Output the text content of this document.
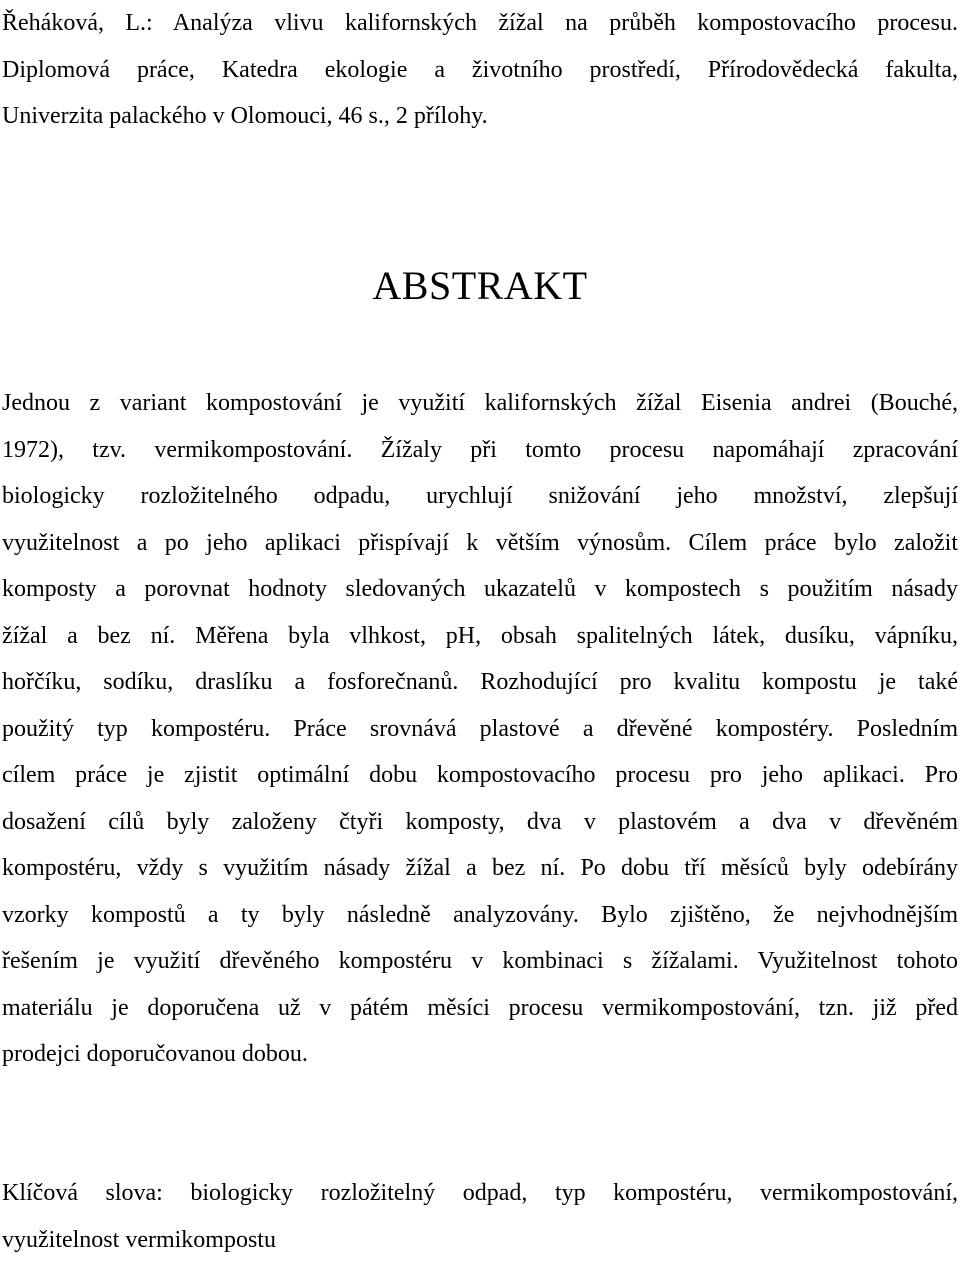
Řeháková, L.: Analýza vlivu kalifornských žížal na průběh kompostovacího procesu.
Diplomová práce, Katedra ekologie a životního prostředí, Přírodovědecká fakulta,
Univerzita palackého v Olomouci, 46 s., 2 přílohy.
ABSTRAKT
Jednou z variant kompostování je využití kalifornských žížal Eisenia andrei (Bouché,
1972), tzv. vermikompostování. Žížaly při tomto procesu napomáhají zpracování
biologicky rozložitelného odpadu, urychlují snižování jeho množství, zlepšují
využitelnost a po jeho aplikaci přispívají k větším výnosům. Cílem práce bylo založit
komposty a porovnat hodnoty sledovaných ukazatelů v kompostech s použitím násady
žížal a bez ní. Měřena byla vlhkost, pH, obsah spalitelných látek, dusíku, vápníku,
hořčíku, sodíku, draslíku a fosforečnanů. Rozhodující pro kvalitu kompostu je také
použitý typ kompostéru. Práce srovnává plastové a dřevěné kompostéry. Posledním
cílem práce je zjistit optimální dobu kompostovacího procesu pro jeho aplikaci. Pro
dosažení cílů byly založeny čtyři komposty, dva v plastovém a dva v dřevěném
kompostéru, vždy s využitím násady žížal a bez ní. Po dobu tří měsíců byly odebírány
vzorky kompostů a ty byly následně analyzovány. Bylo zjištěno, že nejvhodnějším
řešením je využití dřevěného kompostéru v kombinaci s žížalami. Využitelnost tohoto
materiálu je doporučena už v pátém měsíci procesu vermikompostování, tzn. již před
prodejci doporučovanou dobou.
Klíčová slova: biologicky rozložitelný odpad, typ kompostéru, vermikompostování,
využitelnost vermikompostu
